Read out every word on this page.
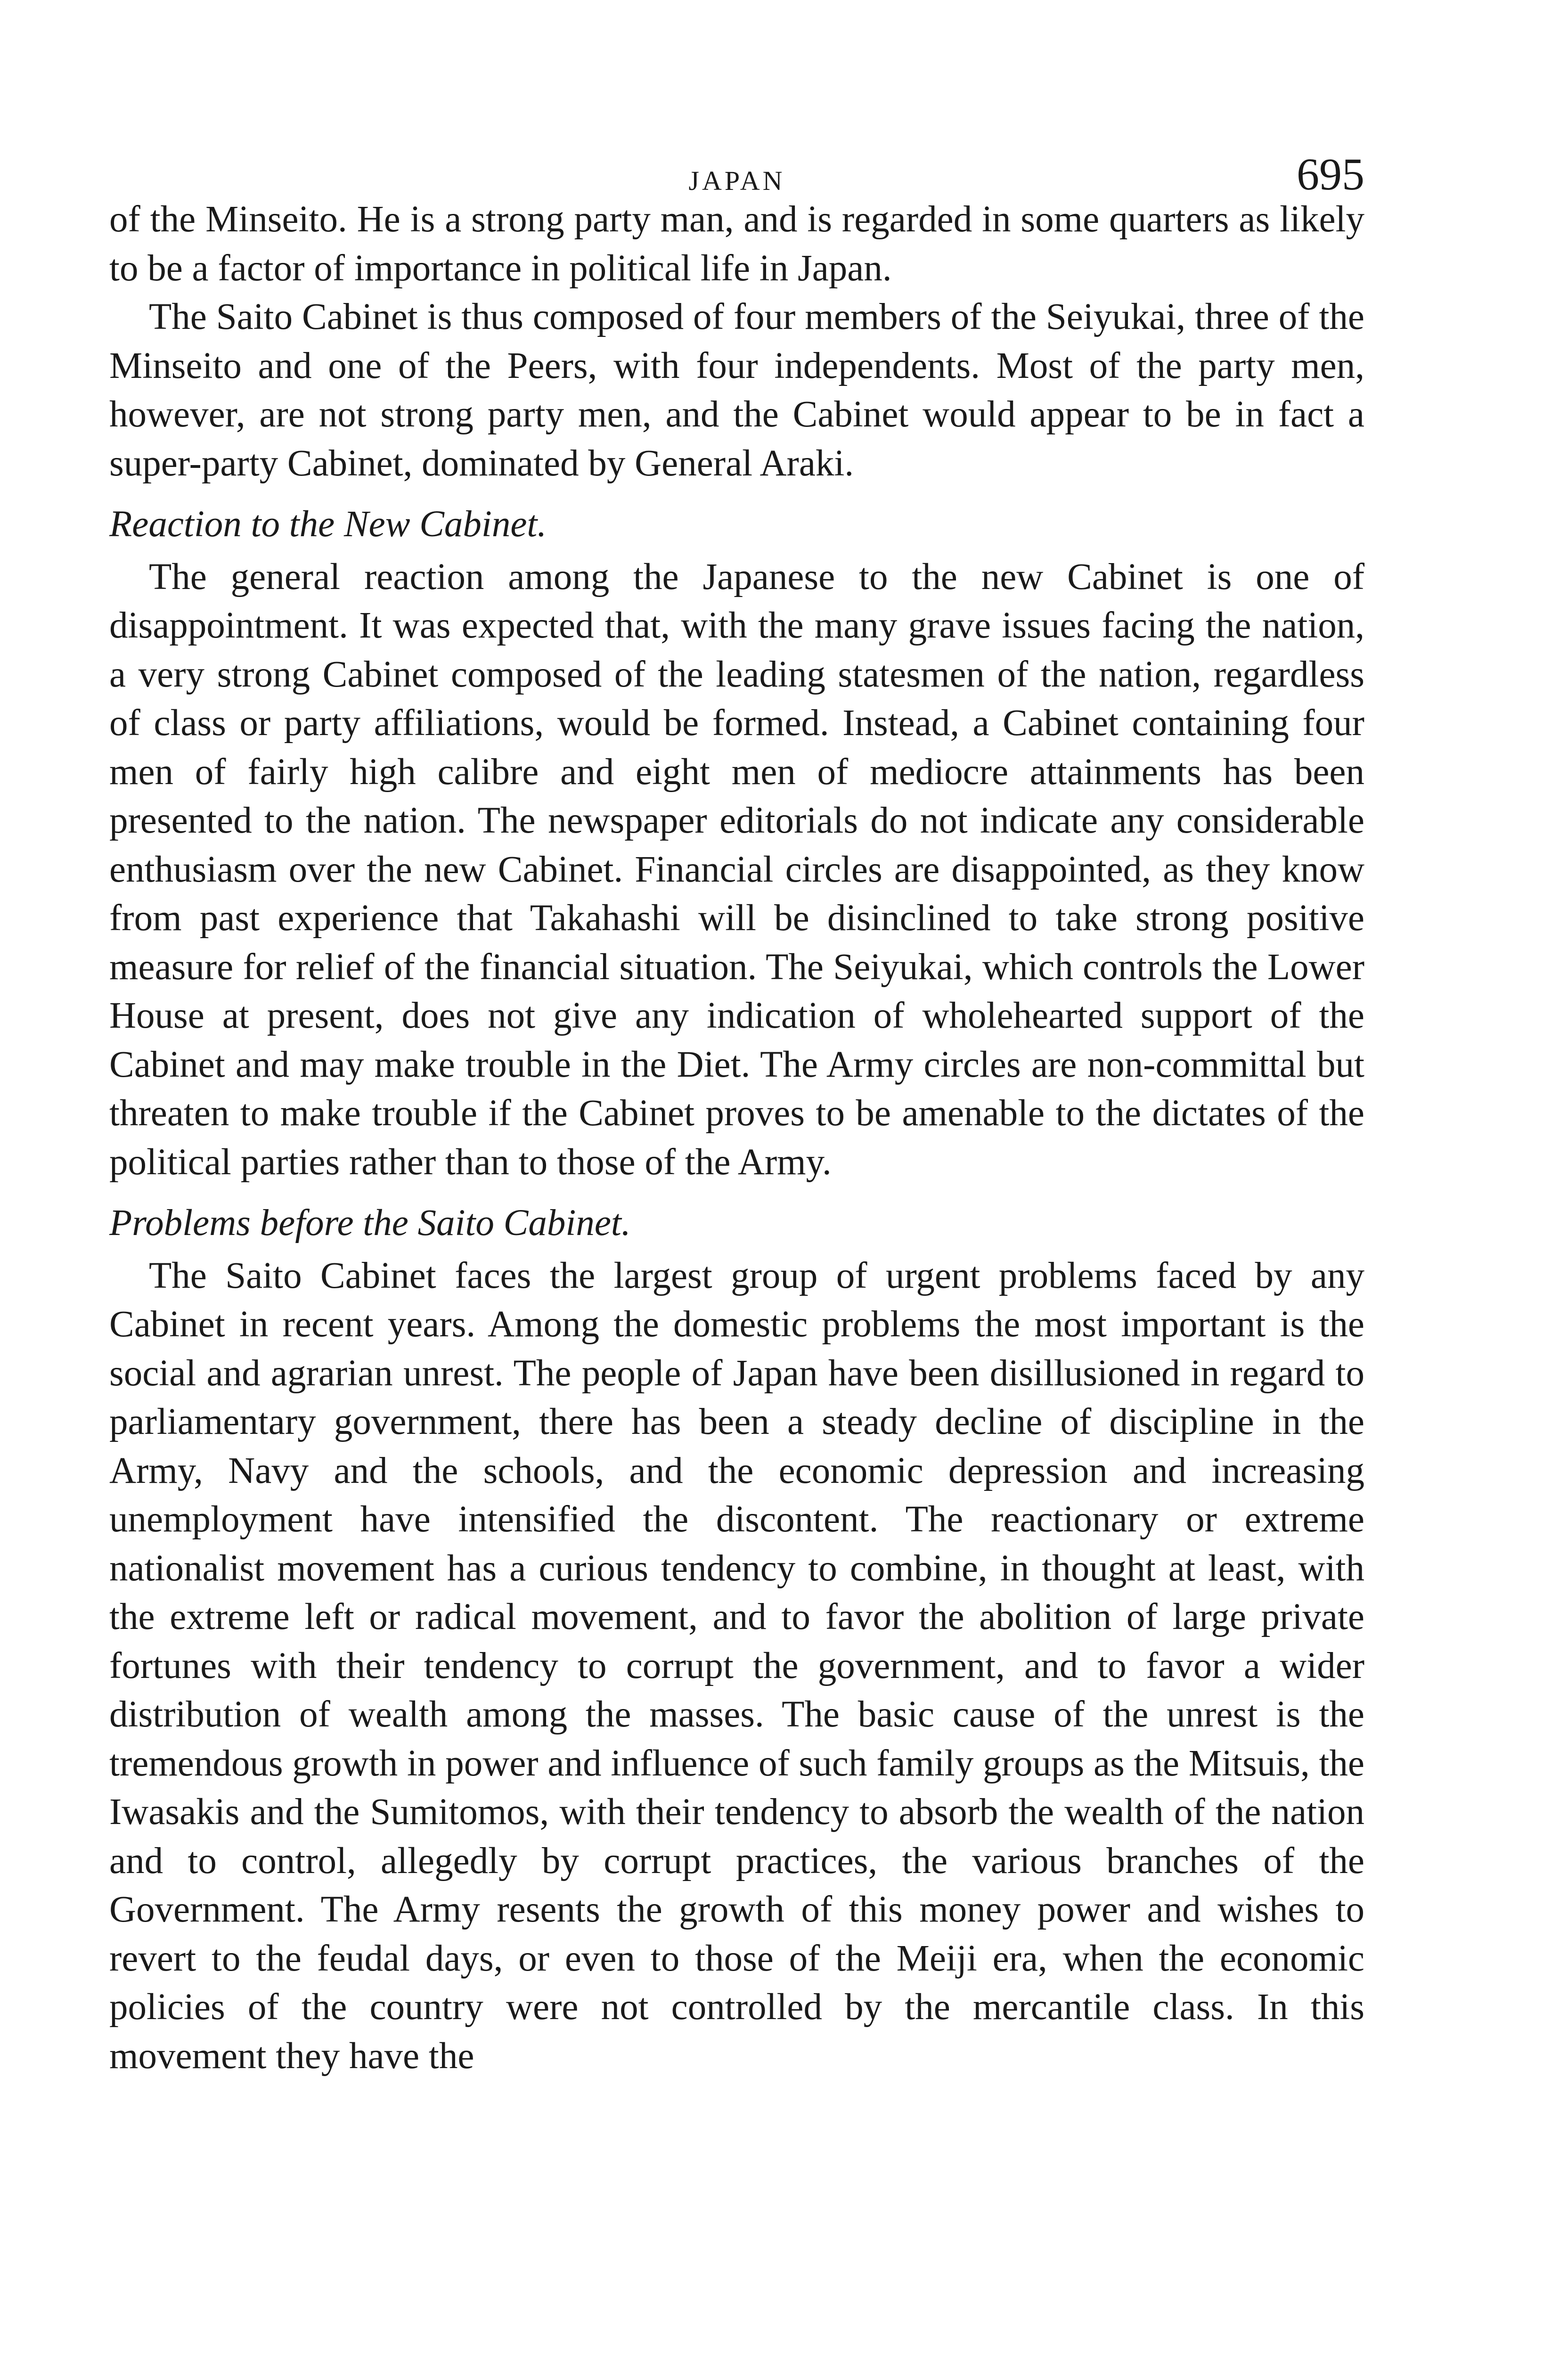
JAPAN	695

of the Minseito. He is a strong party man, and is regarded in some quarters as likely to be a factor of importance in political life in Japan.

The Saito Cabinet is thus composed of four members of the Seiyukai, three of the Minseito and one of the Peers, with four independents. Most of the party men, however, are not strong party men, and the Cabinet would appear to be in fact a super-party Cabinet, dominated by General Araki.

Reaction to the New Cabinet.

The general reaction among the Japanese to the new Cabinet is one of disappointment. It was expected that, with the many grave issues facing the nation, a very strong Cabinet composed of the leading statesmen of the nation, regardless of class or party affiliations, would be formed. Instead, a Cabinet containing four men of fairly high calibre and eight men of mediocre attainments has been presented to the nation. The newspaper editorials do not indicate any considerable enthusiasm over the new Cabinet. Financial circles are disappointed, as they know from past experience that Takahashi will be disinclined to take strong positive measure for relief of the financial situation. The Seiyukai, which controls the Lower House at present, does not give any indication of wholehearted support of the Cabinet and may make trouble in the Diet. The Army circles are non-committal but threaten to make trouble if the Cabinet proves to be amenable to the dictates of the political parties rather than to those of the Army.

Problems before the Saito Cabinet.

The Saito Cabinet faces the largest group of urgent problems faced by any Cabinet in recent years. Among the domestic problems the most important is the social and agrarian unrest. The people of Japan have been disillusioned in regard to parliamentary government, there has been a steady decline of discipline in the Army, Navy and the schools, and the economic depression and increasing unemployment have intensified the discontent. The reactionary or extreme nationalist movement has a curious tendency to combine, in thought at least, with the extreme left or radical movement, and to favor the abolition of large private fortunes with their tendency to corrupt the government, and to favor a wider distribution of wealth among the masses. The basic cause of the unrest is the tremendous growth in power and influence of such family groups as the Mitsuis, the Iwasakis and the Sumitomos, with their tendency to absorb the wealth of the nation and to control, allegedly by corrupt practices, the various branches of the Government. The Army resents the growth of this money power and wishes to revert to the feudal days, or even to those of the Meiji era, when the economic policies of the country were not controlled by the mercantile class. In this movement they have the
